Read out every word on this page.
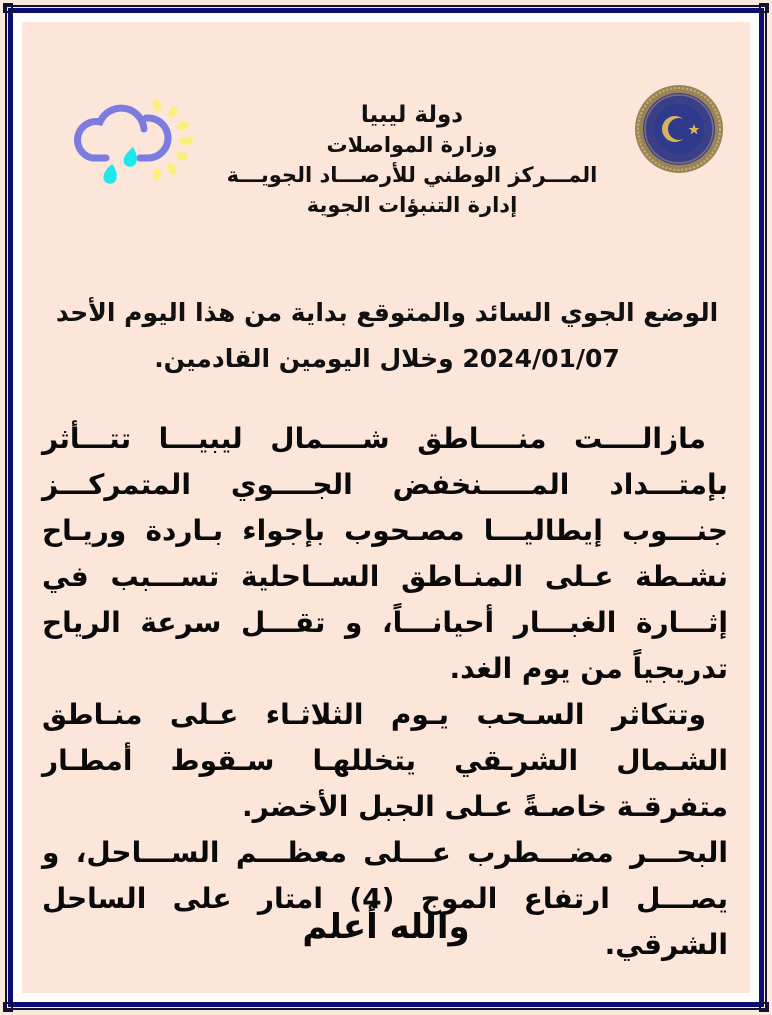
دولة ليبيا
وزارة المواصلات
المـــركز الوطني للأرصـــاد الجويـــة
إدارة التنبؤات الجوية
الوضع الجوي السائد والمتوقع بداية من هذا اليوم الأحد
2024/01/07 وخلال اليومين القادمين.

مازالــــت منــــاطق شــــمال ليبيـــا تتـــأثر بإمتـــداد المـــــنخفض الجــــوي المتمركـــز جنـــوب إيطاليـــا مصـحوب بإجواء بـاردة وريـاح نشـطة عـلى المنـاطق الســاحلية تســـبب في إثـــارة الغبـــار أحيانـــاً، و تقـــل سرعة الرياح تدريجياً من يوم الغد.

وتتكاثر السـحب يـوم الثلاثـاء عـلى منـاطق الشـمال الشرـقي يتخللهـا سـقوط أمطـار متفرقـة خاصـةً عـلى الجبل الأخضر.

البحـــر مضـــطرب عـــلى معظـــم الســـاحل، و يصـــل ارتفاع الموج (4) امتار على الساحل الشرقي.

والله أعلم
